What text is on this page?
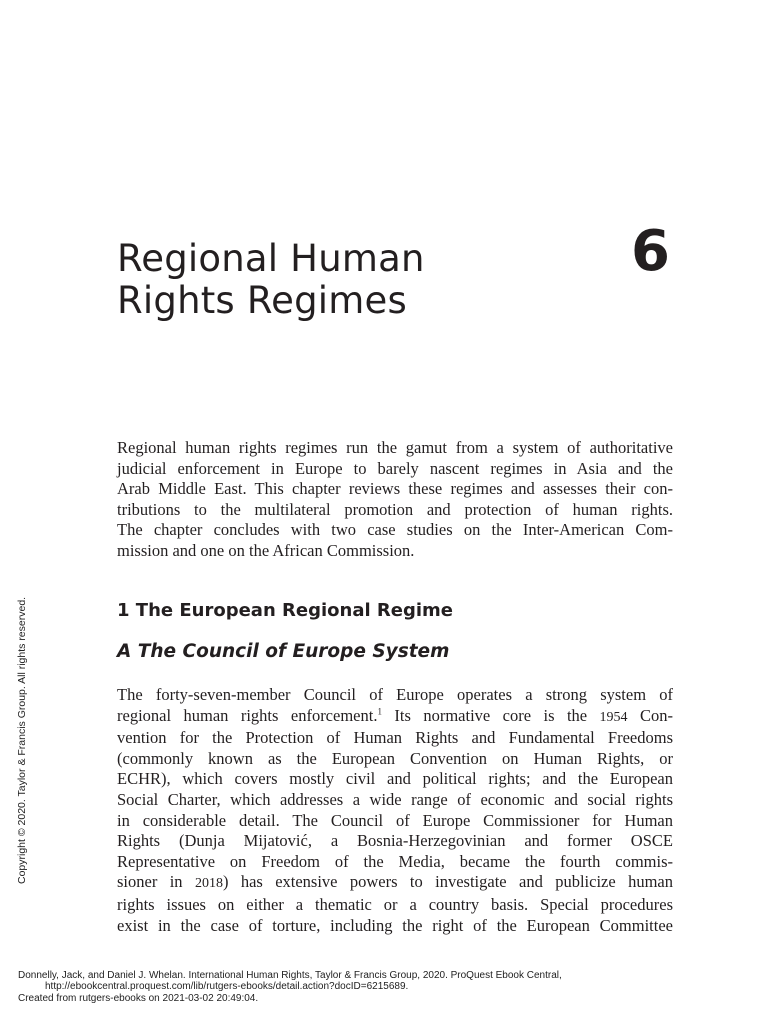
Regional Human
Rights Regimes
6

Regional human rights regimes run the gamut from a system of authoritative
judicial enforcement in Europe to barely nascent regimes in Asia and the
Arab Middle East. This chapter reviews these regimes and assesses their con-
tributions to the multilateral promotion and protection of human rights.
The chapter concludes with two case studies on the Inter-American Com-
mission and one on the African Commission.

1 The European Regional Regime
A The Council of Europe System

The forty-seven-member Council of Europe operates a strong system of
regional human rights enforcement.$^1$ Its normative core is the 1954 Con-
vention for the Protection of Human Rights and Fundamental Freedoms
(commonly known as the European Convention on Human Rights, or
ECHR), which covers mostly civil and political rights; and the European
Social Charter, which addresses a wide range of economic and social rights
in considerable detail. The Council of Europe Commissioner for Human
Rights (Dunja Mijatović, a Bosnia-Herzegovinian and former OSCE
Representative on Freedom of the Media, became the fourth commis-
sioner in 2018) has extensive powers to investigate and publicize human
rights issues on either a thematic or a country basis. Special procedures
exist in the case of torture, including the right of the European Committee

Copyright © 2020. Taylor & Francis Group. All rights reserved.
Donnelly, Jack, and Daniel J. Whelan. International Human Rights, Taylor & Francis Group, 2020. ProQuest Ebook Central,
http://ebookcentral.proquest.com/lib/rutgers-ebooks/detail.action?docID=6215689.
Created from rutgers-ebooks on 2021-03-02 20:49:04.
